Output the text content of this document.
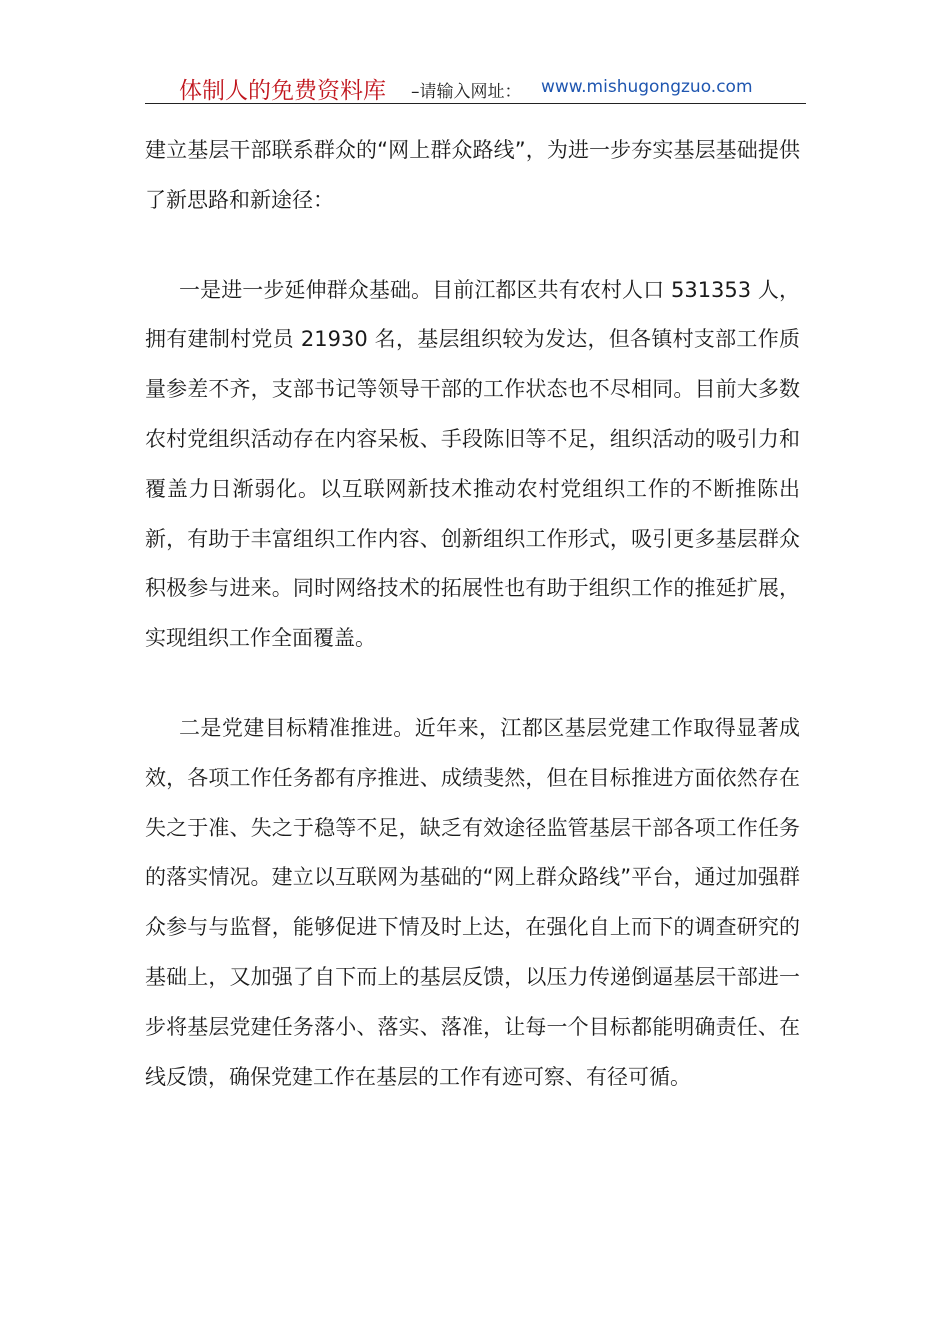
体制人的免费资料库 –请输入网址： www.mishugongzuo.com

建立基层干部联系群众的“网上群众路线”，为进一步夯实基层基础提供了新思路和新途径：

一是进一步延伸群众基础。目前江都区共有农村人口 531353 人，拥有建制村党员 21930 名，基层组织较为发达，但各镇村支部工作质量参差不齐，支部书记等领导干部的工作状态也不尽相同。目前大多数农村党组织活动存在内容呆板、手段陈旧等不足，组织活动的吸引力和覆盖力日渐弱化。以互联网新技术推动农村党组织工作的不断推陈出新，有助于丰富组织工作内容、创新组织工作形式，吸引更多基层群众积极参与进来。同时网络技术的拓展性也有助于组织工作的推延扩展，实现组织工作全面覆盖。

二是党建目标精准推进。近年来，江都区基层党建工作取得显著成效，各项工作任务都有序推进、成绩斐然，但在目标推进方面依然存在失之于准、失之于稳等不足，缺乏有效途径监管基层干部各项工作任务的落实情况。建立以互联网为基础的“网上群众路线”平台，通过加强群众参与与监督，能够促进下情及时上达，在强化自上而下的调查研究的基础上，又加强了自下而上的基层反馈，以压力传递倒逼基层干部进一步将基层党建任务落小、落实、落准，让每一个目标都能明确责任、在线反馈，确保党建工作在基层的工作有迹可察、有径可循。
